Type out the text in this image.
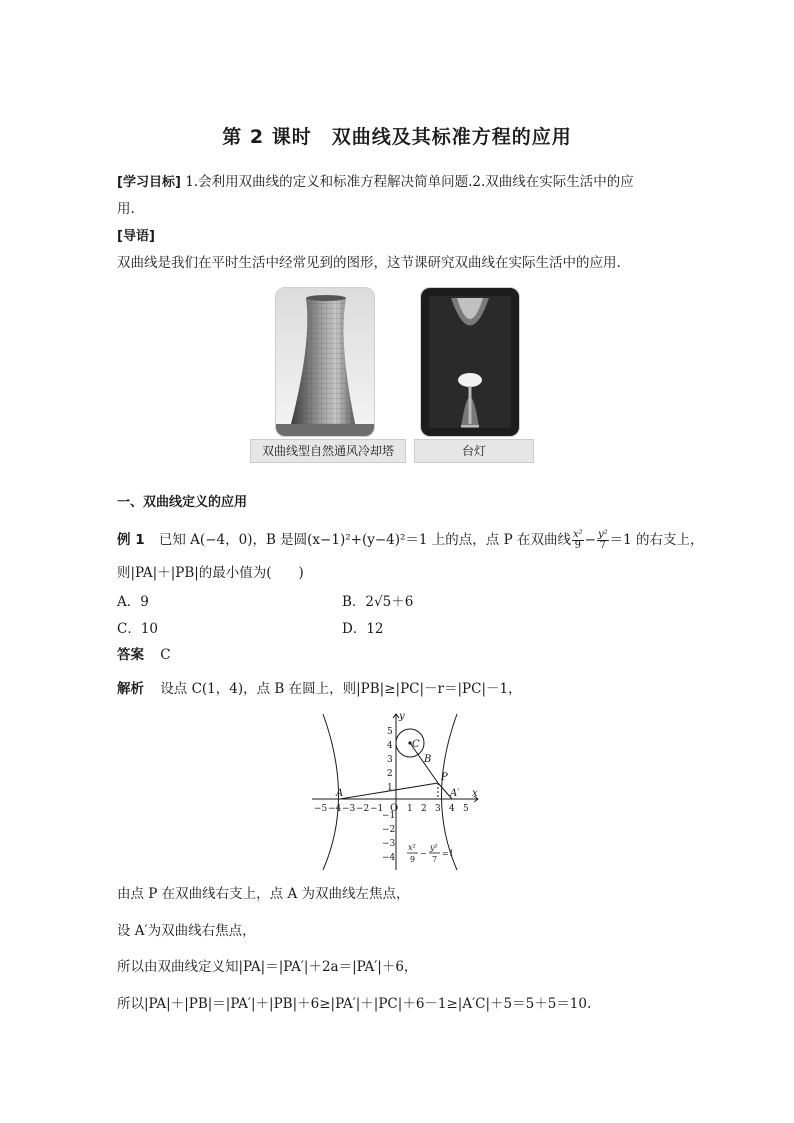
第 2 课时　双曲线及其标准方程的应用
[学习目标] 1.会利用双曲线的定义和标准方程解决简单问题.2.双曲线在实际生活中的应
用.
[导语]
双曲线是我们在平时生活中经常见到的图形，这节课研究双曲线在实际生活中的应用.
双曲线型自然通风冷却塔	台灯
一、双曲线定义的应用
例 1 已知 A(−4，0)，B 是圆(x−1)²+(y−4)²＝1 上的点，点 P 在双曲线 $\frac{\text{x²}}{9} - \frac{\text{y²}}{7} =1$ 的右支上，
则|PA|＋|PB|的最小值为(　　)
A．9	B．2√5＋6
C．10	D．12
答案 C
解析 设点 C(1，4)，点 B 在圆上，则|PB|≥|PC|－r＝|PC|－1，
y
x
O
A	A′
B
C
P
−5 −4 −3 −2 −1	1 2 3 4 5
5
4
3
2
1
−1
−2
−3
−4
x²
9
−
y²
7
=1
由点 P 在双曲线右支上，点 A 为双曲线左焦点，
设 A′为双曲线右焦点，
所以由双曲线定义知|PA|＝|PA′|＋2a＝|PA′|＋6，
所以|PA|＋|PB|＝|PA′|＋|PB|＋6≥|PA′|＋|PC|＋6－1≥|A′C|＋5＝5＋5＝10.
